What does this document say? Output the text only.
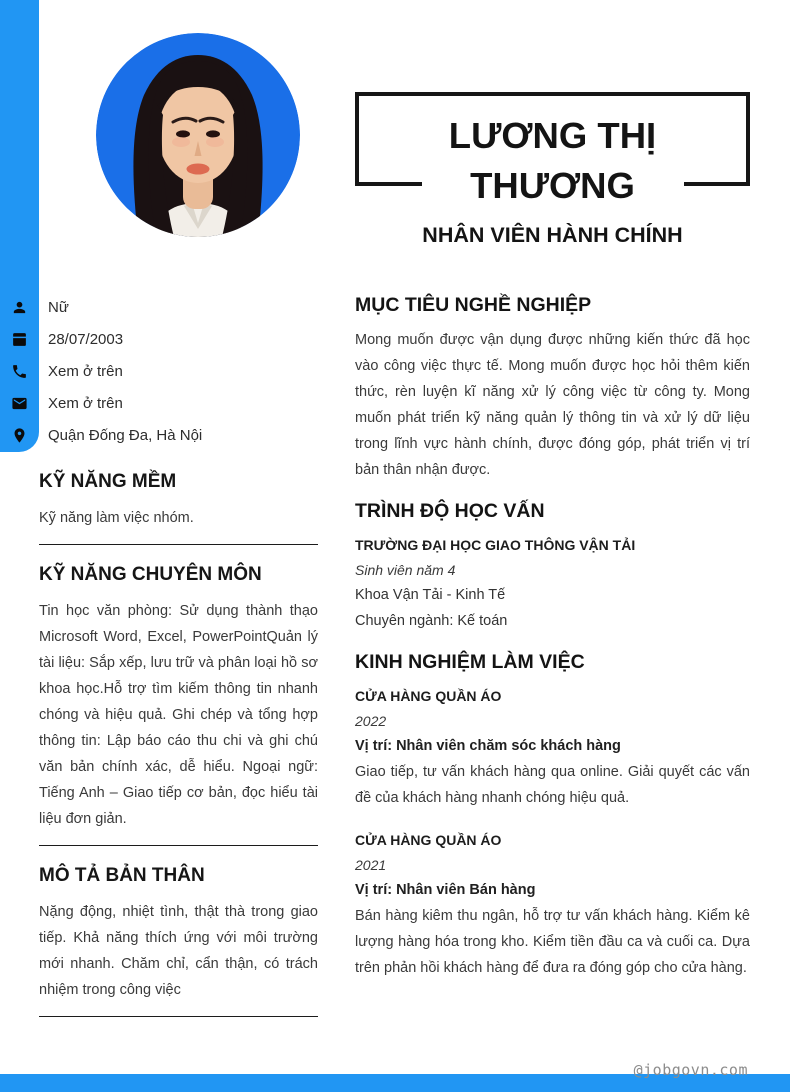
LƯƠNG THỊ THƯƠNG
NHÂN VIÊN HÀNH CHÍNH
Nữ
28/07/2003
Xem ở trên
Xem ở trên
Quận Đống Đa, Hà Nội
KỸ NĂNG MỀM

Kỹ năng làm việc nhóm.

KỸ NĂNG CHUYÊN MÔN

Tin học văn phòng: Sử dụng thành thạo Microsoft Word, Excel, PowerPointQuản lý tài liệu: Sắp xếp, lưu trữ và phân loại hồ sơ khoa học.Hỗ trợ tìm kiếm thông tin nhanh chóng và hiệu quả. Ghi chép và tổng hợp thông tin: Lập báo cáo thu chi và ghi chú văn bản chính xác, dễ hiểu. Ngoại ngữ: Tiếng Anh – Giao tiếp cơ bản, đọc hiểu tài liệu đơn giản.

MÔ TẢ BẢN THÂN

Nặng động, nhiệt tình, thật thà trong giao tiếp. Khả năng thích ứng với môi trường mới nhanh. Chăm chỉ, cẩn thận, có trách nhiệm trong công việc

MỤC TIÊU NGHỀ NGHIỆP

Mong muốn được vận dụng được những kiến thức đã học vào công việc thực tế. Mong muốn được học hỏi thêm kiến thức, rèn luyện kĩ năng xử lý công việc từ công ty. Mong muốn phát triển kỹ năng quản lý thông tin và xử lý dữ liệu trong lĩnh vực hành chính, được đóng góp, phát triển vị trí bản thân nhận được.

TRÌNH ĐỘ HỌC VẤN

TRƯỜNG ĐẠI HỌC GIAO THÔNG VẬN TẢI

Sinh viên năm 4

Khoa Vận Tải - Kinh Tế

Chuyên ngành: Kế toán

KINH NGHIỆM LÀM VIỆC

CỬA HÀNG QUẦN ÁO

2022

Vị trí: Nhân viên chăm sóc khách hàng

Giao tiếp, tư vấn khách hàng qua online. Giải quyết các vấn đề của khách hàng nhanh chóng hiệu quả.

CỬA HÀNG QUẦN ÁO

2021

Vị trí: Nhân viên Bán hàng

Bán hàng kiêm thu ngân, hỗ trợ tư vấn khách hàng. Kiểm kê lượng hàng hóa trong kho. Kiểm tiền đầu ca và cuối ca. Dựa trên phản hồi khách hàng để đưa ra đóng góp cho cửa hàng.

@jobgovn.com
